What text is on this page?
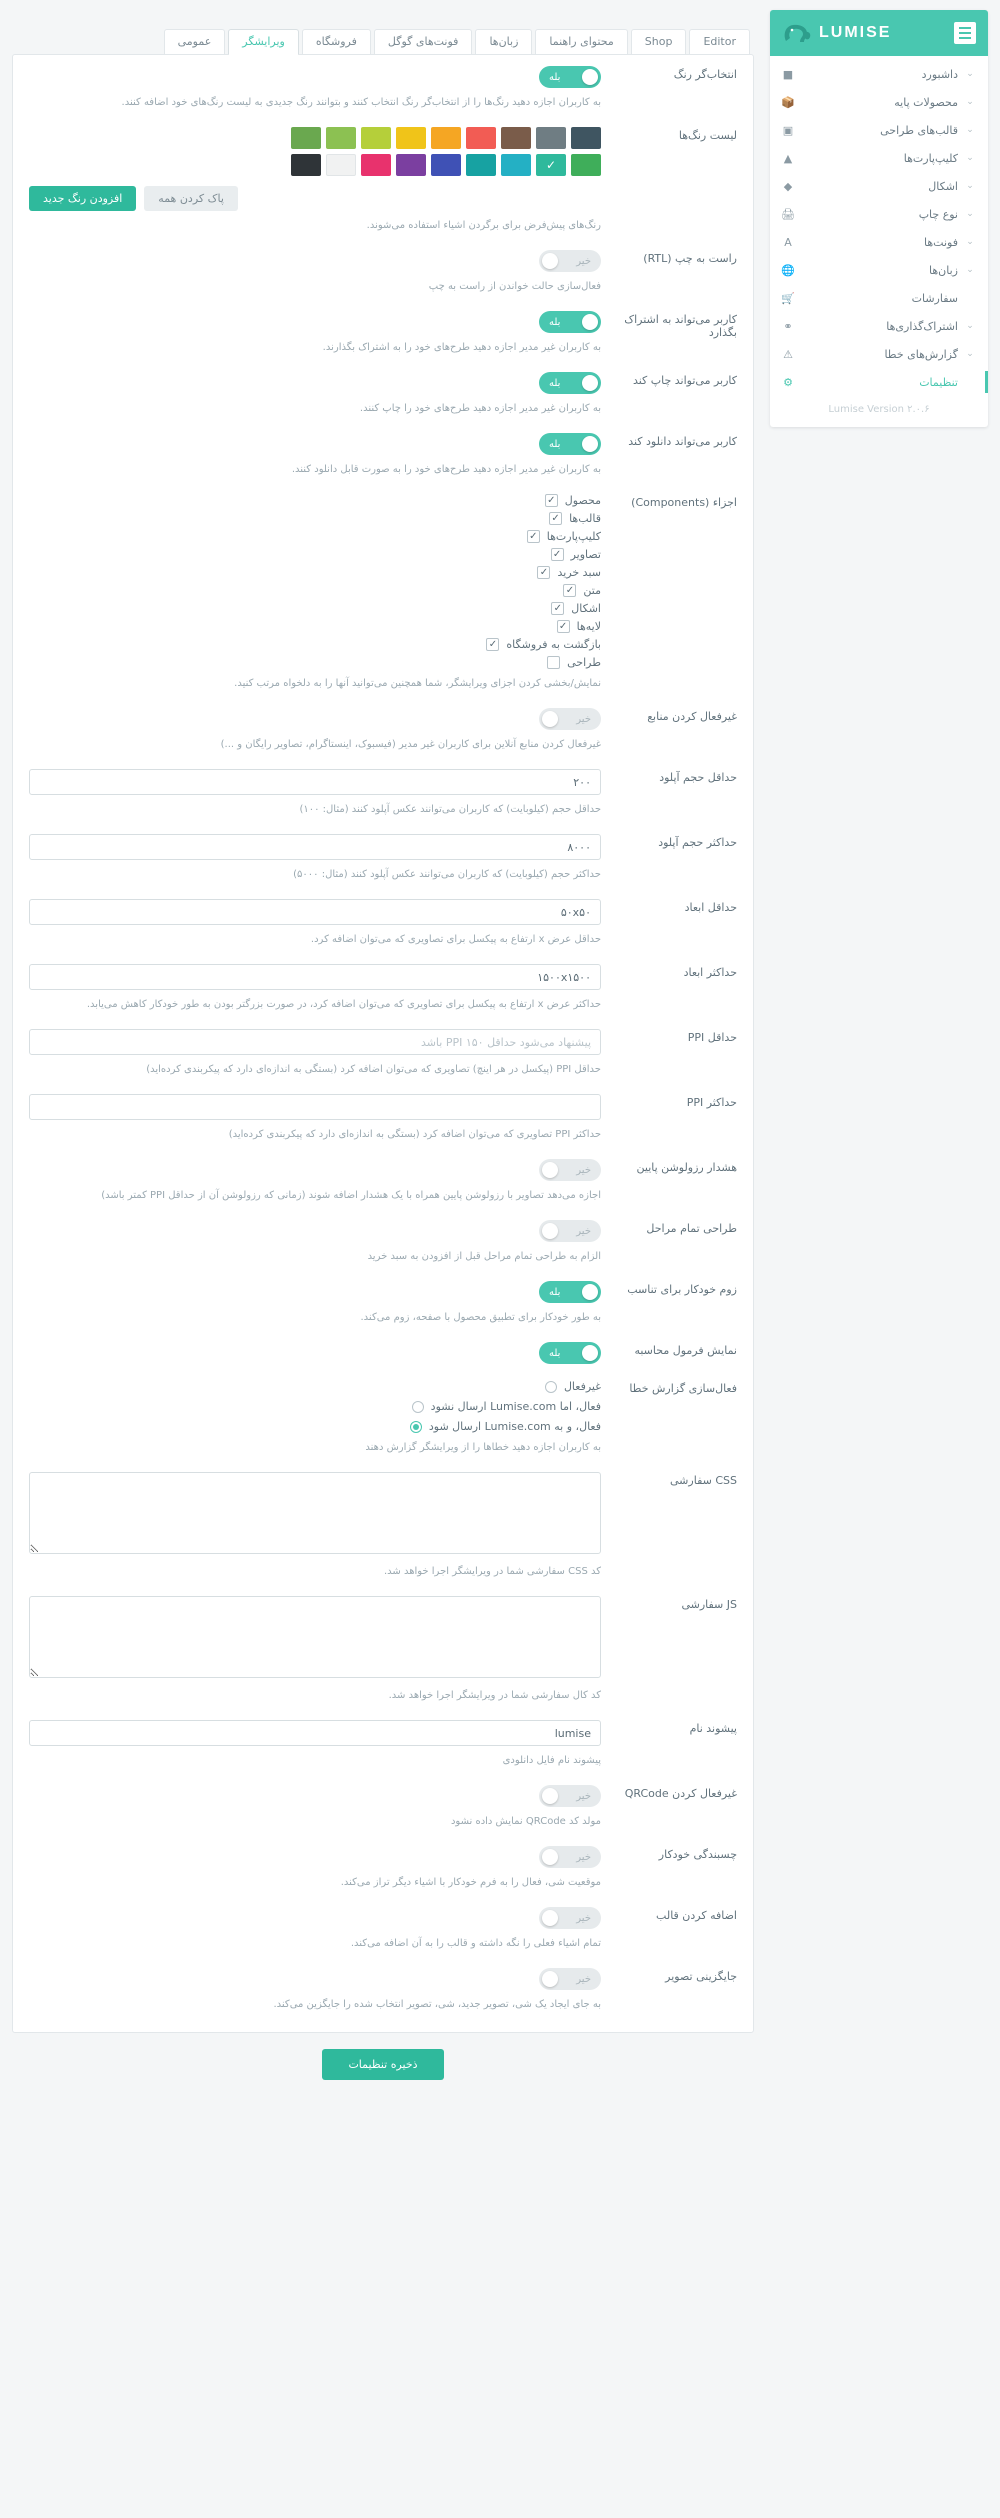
LUMISE
⌄
داشبورد
■
⌄
محصولات پایه
📦
⌄
قالب‌های طراحی
▣
⌄
کلیپ‌پارت‌ها
▲
⌄
اشکال
◆
⌄
نوع چاپ
🖨
⌄
فونت‌ها
A
⌄
زبان‌ها
🌐
سفارشات
🛒
⌄
اشتراک‌گذاری‌ها
⚭
⌄
گزارش‌های خطا
⚠
تنظیمات
⚙
Lumise Version ۲.۰.۶
Editor
Shop
محتوای راهنما
زبان‌ها
فونت‌های گوگل
فروشگاه
ویرایشگر
عمومی
انتخاب‌گر رنگ
بله
به کاربران اجازه دهید رنگ‌ها را از انتخاب‌گر رنگ انتخاب کنند و بتوانند رنگ جدیدی به لیست رنگ‌های خود اضافه کنند.
لیست رنگ‌ها
✓
افزودن رنگ جدید	پاک کردن همه
رنگ‌های پیش‌فرض برای برگردن اشیاء استفاده می‌شوند.
راست به چپ (RTL)
خیر
فعال‌سازی حالت خواندن از راست به چپ
کاربر می‌تواند به اشتراک بگذارد
بله
به کاربران غیر مدیر اجازه دهید طرح‌های خود را به اشتراک بگذارند.
کاربر می‌تواند چاپ کند
بله
به کاربران غیر مدیر اجازه دهید طرح‌های خود را چاپ کنند.
کاربر می‌تواند دانلود کند
بله
به کاربران غیر مدیر اجازه دهید طرح‌های خود را به صورت قابل دانلود کنند.
اجزاء (Components)
✓
محصول
✓
قالب‌ها
✓
کلیپ‌پارت‌ها
✓
تصاویر
✓
سبد خرید
✓
متن
✓
اشکال
✓
لایه‌ها
✓
بازگشت به فروشگاه
طراحی
نمایش/بخشی کردن اجزای ویرایشگر، شما همچنین می‌توانید آنها را به دلخواه مرتب کنید.
غیرفعال کردن منابع
خیر
غیرفعال کردن منابع آنلاین برای کاربران غیر مدیر (فیسبوک، اینستاگرام، تصاویر رایگان و ...)
حداقل حجم آپلود
۲۰۰
حداقل حجم (کیلوبایت) که کاربران می‌توانند عکس آپلود کنند (مثال: ۱۰۰)
حداکثر حجم آپلود
۸۰۰۰
حداکثر حجم (کیلوبایت) که کاربران می‌توانند عکس آپلود کنند (مثال: ۵۰۰۰)
حداقل ابعاد
۵۰x۵۰
حداقل عرض x ارتفاع به پیکسل برای تصاویری که می‌توان اضافه کرد.
حداکثر ابعاد
۱۵۰۰x۱۵۰۰
حداکثر عرض x ارتفاع به پیکسل برای تصاویری که می‌توان اضافه کرد، در صورت بزرگتر بودن به طور خودکار کاهش می‌یابد.
حداقل PPI
پیشنهاد می‌شود حداقل ۱۵۰ PPI باشد
حداقل PPI (پیکسل در هر اینچ) تصاویری که می‌توان اضافه کرد (بستگی به اندازه‌ای دارد که پیکربندی کرده‌اید)
حداکثر PPI
حداکثر PPI تصاویری که می‌توان اضافه کرد (بستگی به اندازه‌ای دارد که پیکربندی کرده‌اید)
هشدار رزولوشن پایین
خیر
اجازه می‌دهد تصاویر با رزولوشن پایین همراه با یک هشدار اضافه شوند (زمانی که رزولوشن آن از حداقل PPI کمتر باشد)
طراحی تمام مراحل
خیر
الزام به طراحی تمام مراحل قبل از افزودن به سبد خرید
زوم خودکار برای تناسب
بله
به طور خودکار برای تطبیق محصول با صفحه، زوم می‌کند.
نمایش فرمول محاسبه
بله
فعال‌سازی گزارش خطا
غیرفعال
فعال، اما Lumise.com ارسال نشود
فعال، و به Lumise.com ارسال شود
به کاربران اجازه دهید خطاها را از ویرایشگر گزارش دهند
CSS سفارشی
کد CSS سفارشی شما در ویرایشگر اجرا خواهد شد.
JS سفارشی
کد کال سفارشی شما در ویرایشگر اجرا خواهد شد.
پیشوند نام
lumise
پیشوند نام فایل دانلودی
غیرفعال کردن QRCode
خیر
مولد کد QRCode نمایش داده نشود
چسبندگی خودکار
خیر
موقعیت شی، فعال را به فرم خودکار با اشیاء دیگر تراز می‌کند.
اضافه کردن قالب
خیر
تمام اشیاء فعلی را نگه داشته و قالب را به آن اضافه می‌کند.
جایگزینی تصویر
خیر
به جای ایجاد یک شی، تصویر جدید، شی، تصویر انتخاب شده را جایگزین می‌کند.
ذخیره تنظیمات
